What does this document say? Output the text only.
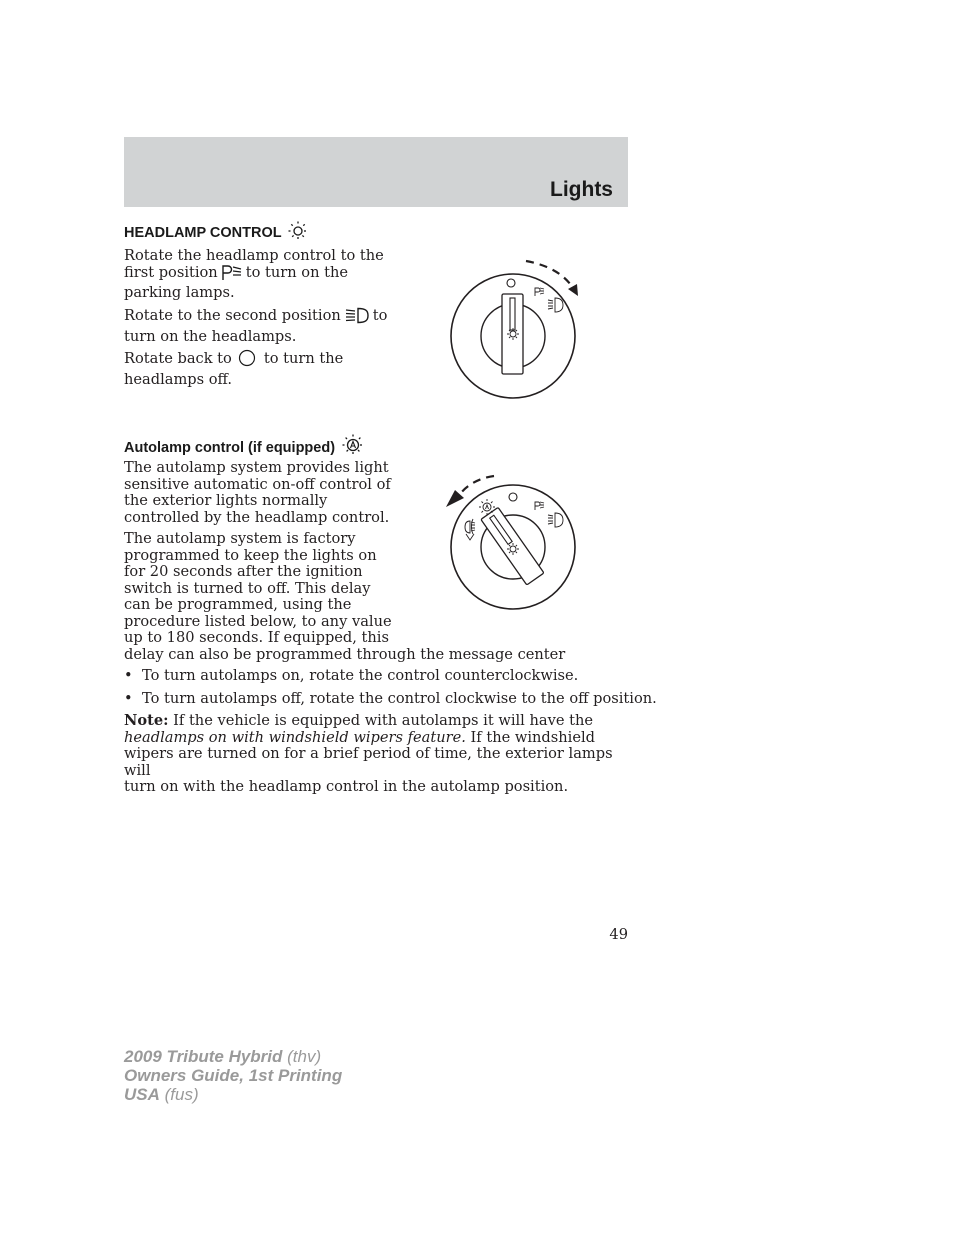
Lights
HEADLAMP CONTROL
Rotate the headlamp control to the
first position to turn on the
parking lamps.
Rotate to the second position to
turn on the headlamps.
Rotate back to to turn the
headlamps off.
Autolamp control (if equipped)
The autolamp system provides light
sensitive automatic on-off control of
the exterior lights normally
controlled by the headlamp control.
The autolamp system is factory
programmed to keep the lights on
for 20 seconds after the ignition
switch is turned to off. This delay
can be programmed, using the
procedure listed below, to any value
up to 180 seconds. If equipped, this
delay can also be programmed through the message center
• To turn autolamps on, rotate the control counterclockwise.
• To turn autolamps off, rotate the control clockwise to the off position.
Note: If the vehicle is equipped with autolamps it will have the
headlamps on with windshield wipers feature. If the windshield
wipers are turned on for a brief period of time, the exterior lamps will
turn on with the headlamp control in the autolamp position.
49
2009 Tribute Hybrid (thv)
Owners Guide, 1st Printing
USA (fus)
